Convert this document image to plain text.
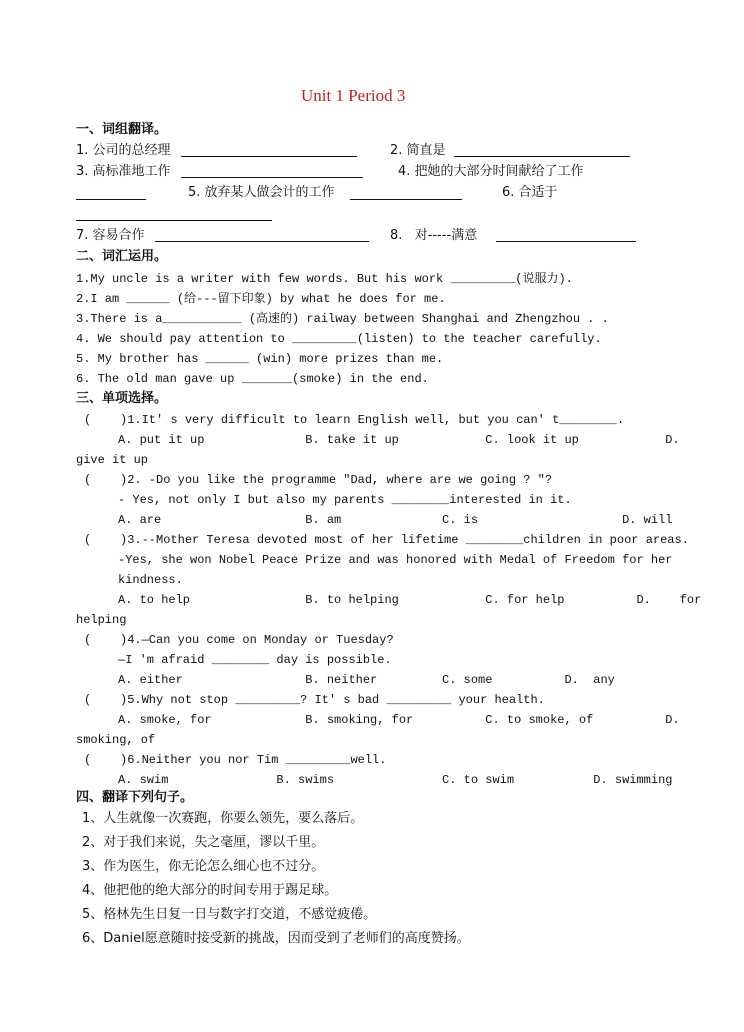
Unit 1 Period 3
一、词组翻译。
1. 公司的总经理	2. 简直是
3. 高标准地工作	4. 把她的大部分时间献给了工作
5. 放弃某人做会计的工作	6. 合适于
7. 容易合作	8.   对-----满意
二、词汇运用。
1.My uncle is a writer with few words. But his work _________(说服力).
2.I am ______ (给---留下印象) by what he does for me.
3.There is a___________ (高速的) railway between Shanghai and Zhengzhou . .
4. We should pay attention to _________(listen) to the teacher carefully.
5. My brother has ______ (win) more prizes than me.
6. The old man gave up _______(smoke) in the end.
三、单项选择。
(    )1.It' s very difficult to learn English well, but you can' t________.
A. put it up              B. take it up            C. look it up            D.
give it up
(    )2. -Do you like the programme "Dad, where are we going ? "?
- Yes, not only I but also my parents ________interested in it.
A. are                    B. am              C. is                    D. will
(    )3.--Mother Teresa devoted most of her lifetime ________children in poor areas.
-Yes, she won Nobel Peace Prize and was honored with Medal of Freedom for her
kindness.
A. to help                B. to helping            C. for help          D.    for
helping
(    )4.—Can you come on Monday or Tuesday?
—I 'm afraid ________ day is possible.
A. either                 B. neither         C. some          D.  any
(    )5.Why not stop _________? It' s bad _________ your health.
A. smoke, for             B. smoking, for          C. to smoke, of          D.
smoking, of
(    )6.Neither you nor Tim _________well.
A. swim               B. swims               C. to swim           D. swimming
四、翻译下列句子。
1、人生就像一次赛跑，你要么领先，要么落后。
2、对于我们来说，失之毫厘，谬以千里。
3、作为医生，你无论怎么细心也不过分。
4、他把他的绝大部分的时间专用于踢足球。
5、格林先生日复一日与数字打交道，不感觉疲倦。
6、Daniel愿意随时接受新的挑战，因而受到了老师们的高度赞扬。
